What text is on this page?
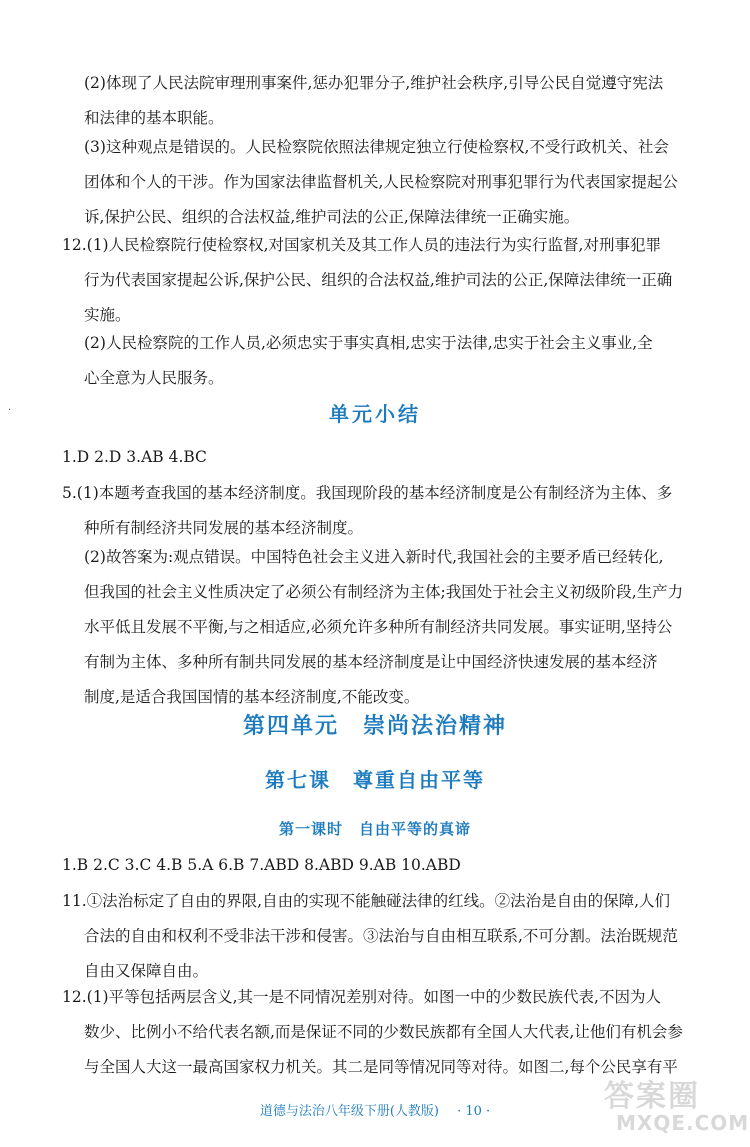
(2)体现了人民法院审理刑事案件,惩办犯罪分子,维护社会秩序,引导公民自觉遵守宪法
和法律的基本职能。
(3)这种观点是错误的。人民检察院依照法律规定独立行使检察权,不受行政机关、社会
团体和个人的干涉。作为国家法律监督机关,人民检察院对刑事犯罪行为代表国家提起公
诉,保护公民、组织的合法权益,维护司法的公正,保障法律统一正确实施。
12.(1)人民检察院行使检察权,对国家机关及其工作人员的违法行为实行监督,对刑事犯罪
行为代表国家提起公诉,保护公民、组织的合法权益,维护司法的公正,保障法律统一正确
实施。
(2)人民检察院的工作人员,必须忠实于事实真相,忠实于法律,忠实于社会主义事业,全
心全意为人民服务。
·	单元小结
1.D 2.D 3.AB 4.BC
5.(1)本题考查我国的基本经济制度。我国现阶段的基本经济制度是公有制经济为主体、多
种所有制经济共同发展的基本经济制度。
(2)故答案为:观点错误。中国特色社会主义进入新时代,我国社会的主要矛盾已经转化,
但我国的社会主义性质决定了必须公有制经济为主体;我国处于社会主义初级阶段,生产力
水平低且发展不平衡,与之相适应,必须允许多种所有制经济共同发展。事实证明,坚持公
有制为主体、多种所有制共同发展的基本经济制度是让中国经济快速发展的基本经济
制度,是适合我国国情的基本经济制度,不能改变。
第四单元　崇尚法治精神
第七课　尊重自由平等
第一课时　自由平等的真谛
1.B 2.C 3.C 4.B 5.A 6.B 7.ABD 8.ABD 9.AB 10.ABD
11.①法治标定了自由的界限,自由的实现不能触碰法律的红线。②法治是自由的保障,人们
合法的自由和权利不受非法干涉和侵害。③法治与自由相互联系,不可分割。法治既规范
自由又保障自由。
12.(1)平等包括两层含义,其一是不同情况差别对待。如图一中的少数民族代表,不因为人
数少、比例小不给代表名额,而是保证不同的少数民族都有全国人大代表,让他们有机会参
与全国人大这一最高国家权力机关。其二是同等情况同等对待。如图二,每个公民享有平
道德与法治八年级下册(人教版) · 10 ·	答案圈
MXQE.COM
